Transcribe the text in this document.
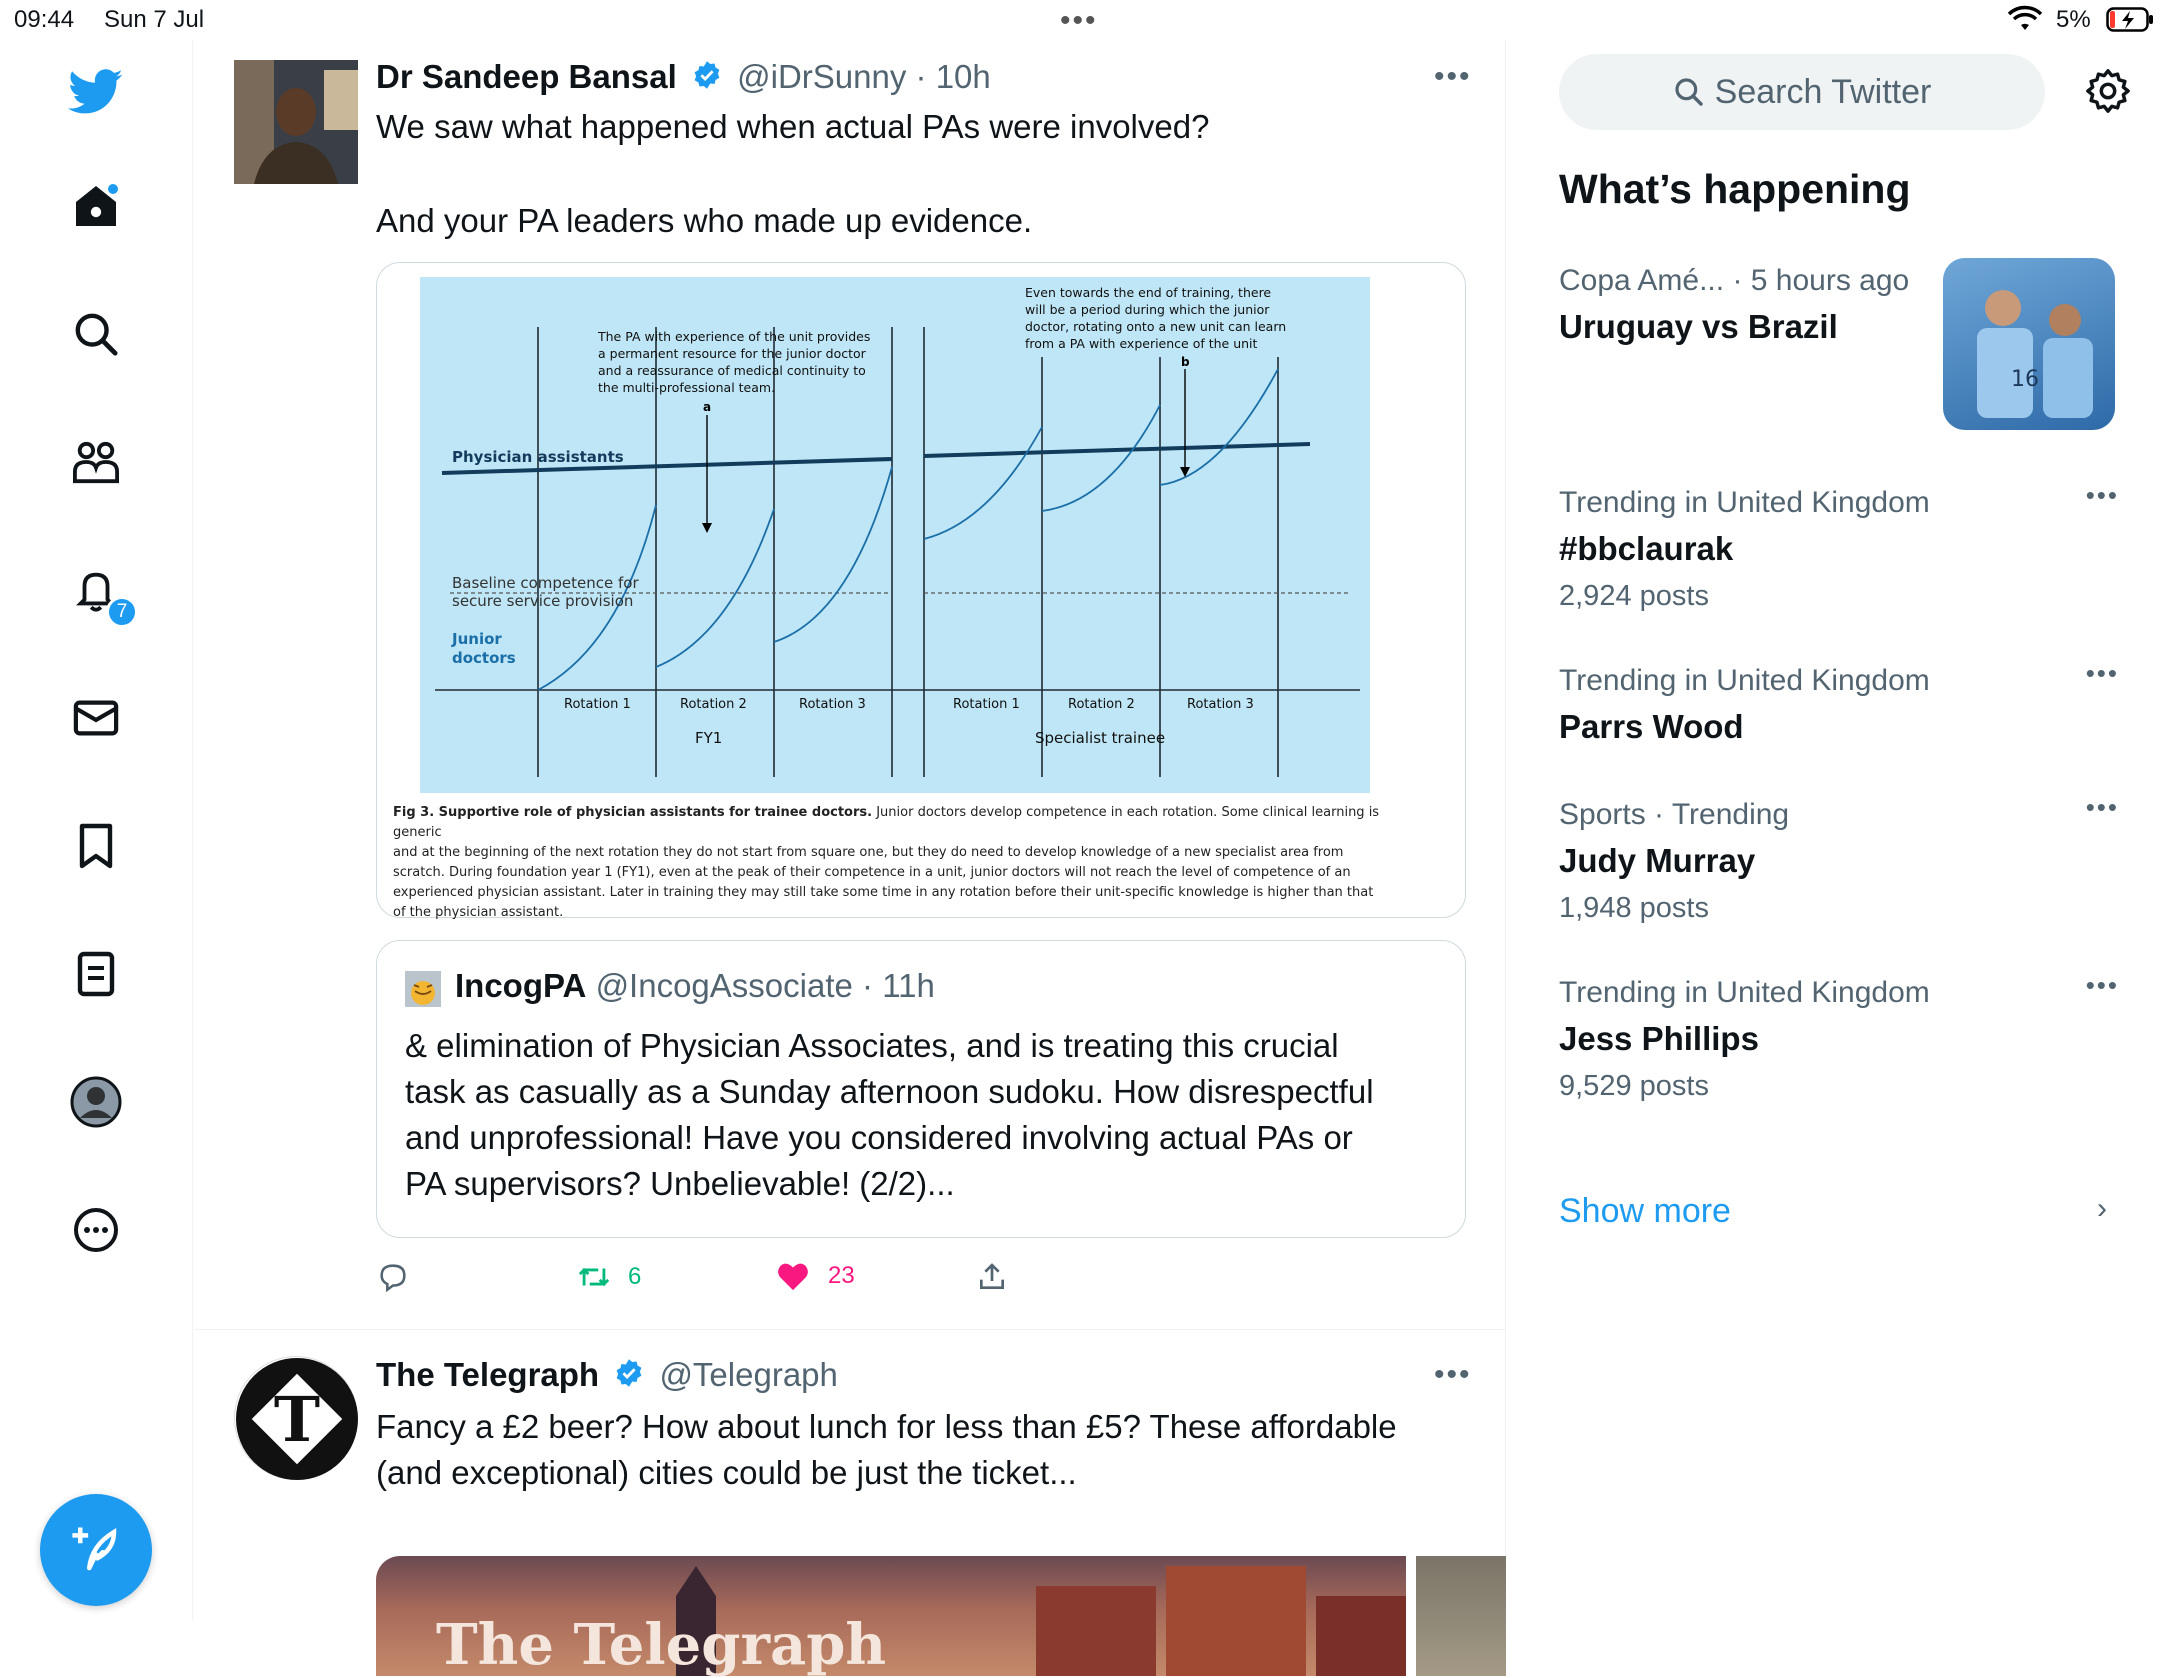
09:44 Sun 7 Jul	•••	5%
7
Dr Sandeep Bansal @iDrSunny · 10h	•••
We saw what happened when actual PAs were involved?
And your PA leaders who made up evidence.
The PA with experience of the unit provides
a permanent resource for the junior doctor
and a reassurance of medical continuity to
the multi-professional team.
Even towards the end of training, there
will be a period during which the junior
doctor, rotating onto a new unit can learn
from a PA with experience of the unit
a
b
Physician assistants
Baseline competence for
secure service provision
Junior
doctors
Rotation 1	Rotation 2	Rotation 3	Rotation 1	Rotation 2	Rotation 3
FY1	Specialist trainee
Fig 3. Supportive role of physician assistants for trainee doctors. Junior doctors develop competence in each rotation. Some clinical learning is generic
and at the beginning of the next rotation they do not start from square one, but they do need to develop knowledge of a new specialist area from
scratch. During foundation year 1 (FY1), even at the peak of their competence in a unit, junior doctors will not reach the level of competence of an
experienced physician assistant. Later in training they may still take some time in any rotation before their unit-specific knowledge is higher than that
of the physician assistant.
IncogPA @IncogAssociate · 11h
& elimination of Physician Associates, and is treating this crucial
task as casually as a Sunday afternoon sudoku. How disrespectful
and unprofessional! Have you considered involving actual PAs or
PA supervisors? Unbelievable! (2/2)...
6	23
T
The Telegraph @Telegraph	•••
Fancy a £2 beer? How about lunch for less than £5? These affordable
(and exceptional) cities could be just the ticket...
The Telegraph
Search Twitter
What’s happening
Copa Amé... · 5 hours ago
Uruguay vs Brazil
16
Trending in United Kingdom
#bbclaurak
2,924 posts
•••
Trending in United Kingdom
Parrs Wood
•••
Sports · Trending
Judy Murray
1,948 posts
•••
Trending in United Kingdom
Jess Phillips
9,529 posts
•••
Show more	›
